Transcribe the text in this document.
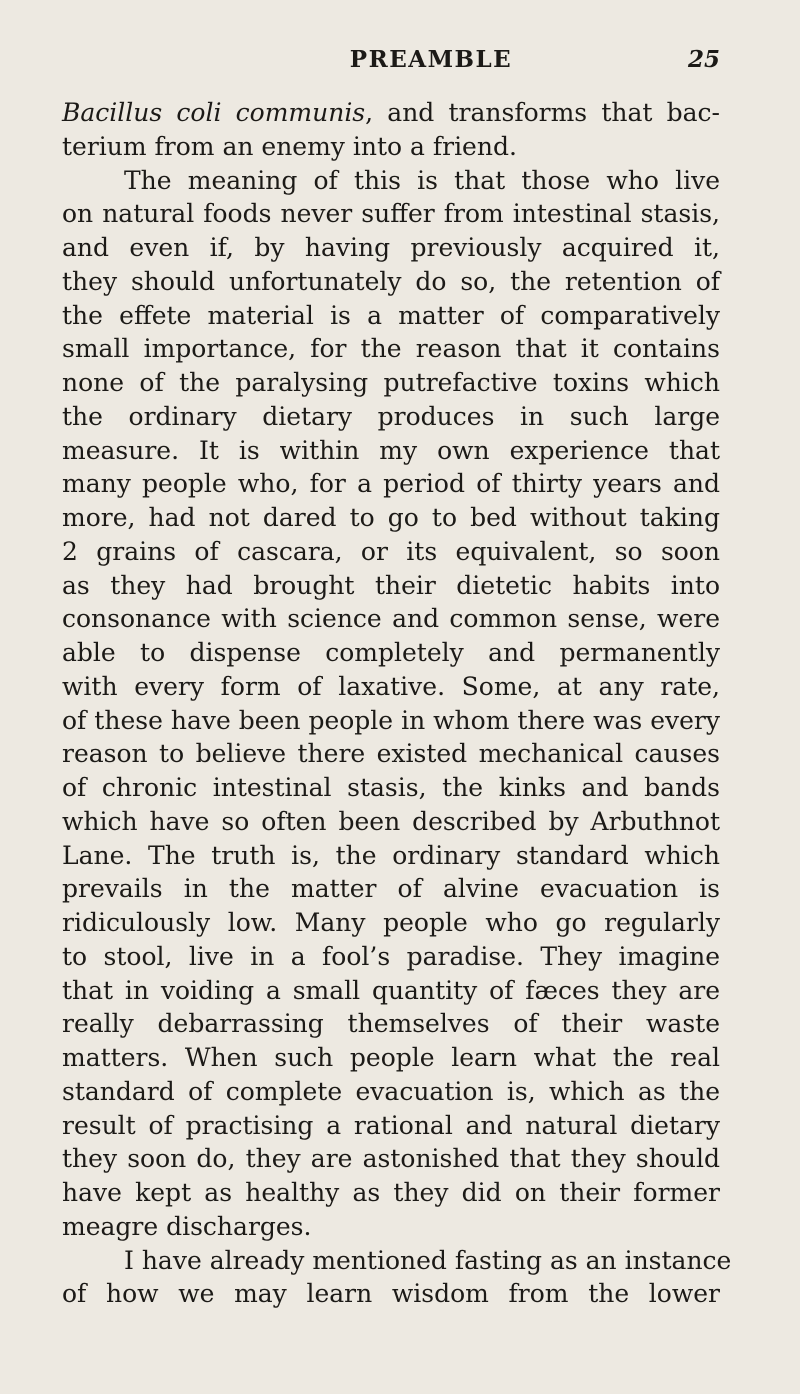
PREAMBLE	25
Bacillus coli communis, and transforms that bac-
terium from an enemy into a friend.
The meaning of this is that those who live
on natural foods never suffer from intestinal stasis,
and even if, by having previously acquired it,
they should unfortunately do so, the retention of
the effete material is a matter of comparatively
small importance, for the reason that it contains
none of the paralysing putrefactive toxins which
the ordinary dietary produces in such large
measure. It is within my own experience that
many people who, for a period of thirty years and
more, had not dared to go to bed without taking
2 grains of cascara, or its equivalent, so soon
as they had brought their dietetic habits into
consonance with science and common sense, were
able to dispense completely and permanently
with every form of laxative. Some, at any rate,
of these have been people in whom there was every
reason to believe there existed mechanical causes
of chronic intestinal stasis, the kinks and bands
which have so often been described by Arbuthnot
Lane. The truth is, the ordinary standard which
prevails in the matter of alvine evacuation is
ridiculously low. Many people who go regularly
to stool, live in a fool’s paradise. They imagine
that in voiding a small quantity of fæces they are
really debarrassing themselves of their waste
matters. When such people learn what the real
standard of complete evacuation is, which as the
result of practising a rational and natural dietary
they soon do, they are astonished that they should
have kept as healthy as they did on their former
meagre discharges.
I have already mentioned fasting as an instance
of how we may learn wisdom from the lower
